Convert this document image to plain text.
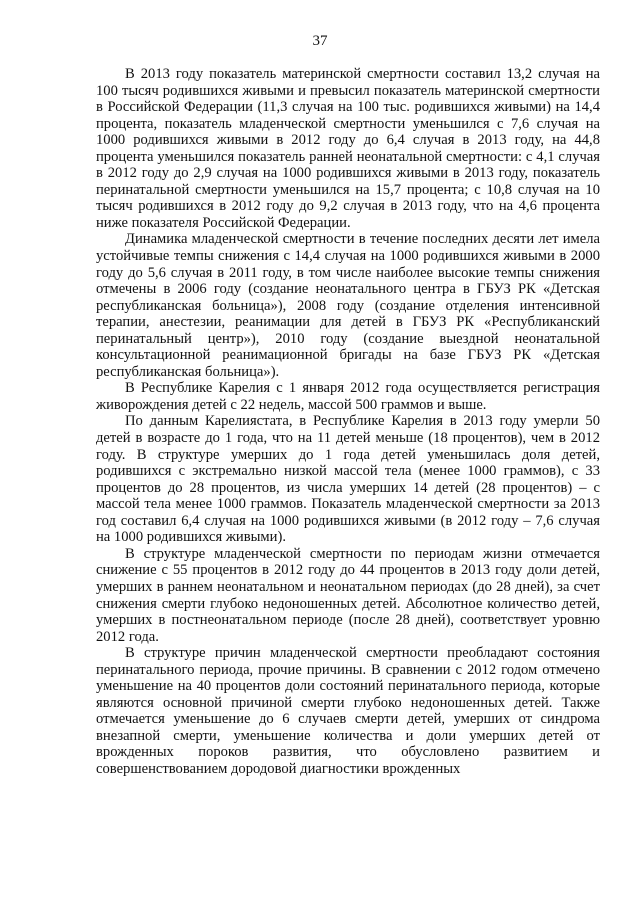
37

В 2013 году показатель материнской смертности составил 13,2 случая на 100 тысяч родившихся живыми и превысил показатель материнской смертности в Российской Федерации (11,3 случая на 100 тыс. родившихся живыми) на 14,4 процента, показатель младенческой смертности уменьшился с 7,6 случая на 1000 родившихся живыми в 2012 году до 6,4 случая в 2013 году, на 44,8 процента уменьшился показатель ранней неонатальной смертности: с 4,1 случая в 2012 году до 2,9 случая на 1000 родившихся живыми в 2013 году, показатель перинатальной смертности уменьшился на 15,7 процента; с 10,8 случая на 10 тысяч родившихся в 2012 году до 9,2 случая в 2013 году, что на 4,6 процента ниже показателя Российской Федерации.

Динамика младенческой смертности в течение последних десяти лет имела устойчивые темпы снижения с 14,4 случая на 1000 родившихся живыми в 2000 году до 5,6 случая в 2011 году, в том числе наиболее высокие темпы снижения отмечены в 2006 году (создание неонатального центра в ГБУЗ РК «Детская республиканская больница»), 2008 году (создание отделения интенсивной терапии, анестезии, реанимации для детей в ГБУЗ РК «Республиканский перинатальный центр»), 2010 году (создание выездной неонатальной консультационной реанимационной бригады на базе ГБУЗ РК «Детская республиканская больница»).

В Республике Карелия с 1 января 2012 года осуществляется регистрация живорождения детей с 22 недель, массой 500 граммов и выше.

По данным Карелиястата, в Республике Карелия в 2013 году умерли 50 детей в возрасте до 1 года, что на 11 детей меньше (18 процентов), чем в 2012 году. В структуре умерших до 1 года детей уменьшилась доля детей, родившихся с экстремально низкой массой тела (менее 1000 граммов), с 33 процентов до 28 процентов, из числа умерших 14 детей (28 процентов) – с массой тела менее 1000 граммов. Показатель младенческой смертности за 2013 год составил 6,4 случая на 1000 родившихся живыми (в 2012 году – 7,6 случая на 1000 родившихся живыми).

В структуре младенческой смертности по периодам жизни отмечается снижение с 55 процентов в 2012 году до 44 процентов в 2013 году доли детей, умерших в раннем неонатальном и неонатальном периодах (до 28 дней), за счет снижения смерти глубоко недоношенных детей. Абсолютное количество детей, умерших в постнеонатальном периоде (после 28 дней), соответствует уровню 2012 года.

В структуре причин младенческой смертности преобладают состояния перинатального периода, прочие причины. В сравнении с 2012 годом отмечено уменьшение на 40 процентов доли состояний перинатального периода, которые являются основной причиной смерти глубоко недоношенных детей. Также отмечается уменьшение до 6 случаев смерти детей, умерших от синдрома внезапной смерти, уменьшение количества и доли умерших детей от врожденных пороков развития, что обусловлено развитием и совершенствованием дородовой диагностики врожденных
